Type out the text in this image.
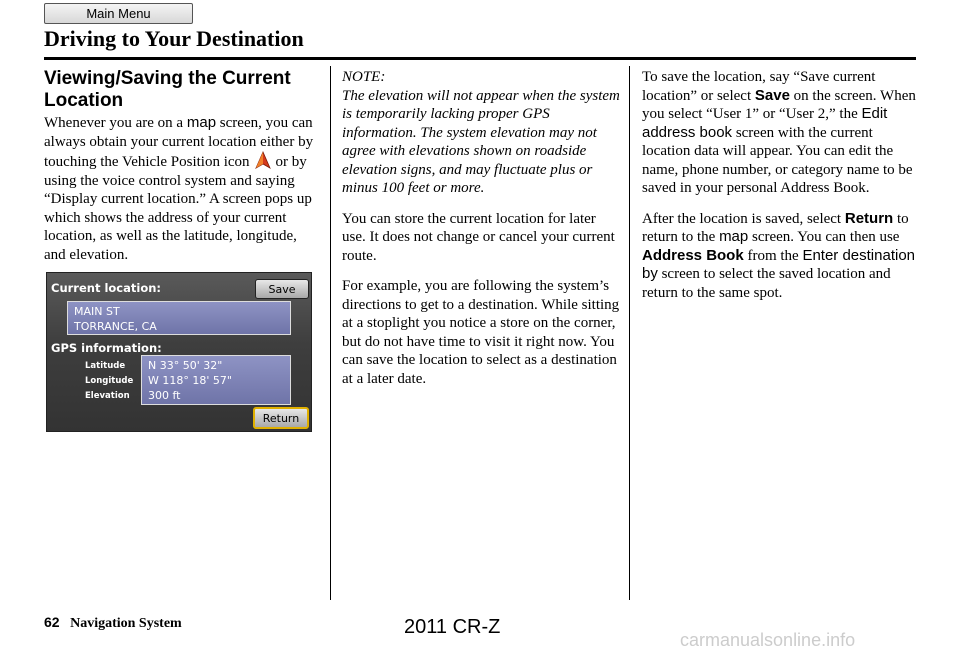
Main Menu
Driving to Your Destination
Viewing/Saving the Current Location
Whenever you are on a map screen, you can always obtain your current location either by touching the Vehicle Position icon or by using the voice control system and saying “Display current location.” A screen pops up which shows the address of your current location, as well as the latitude, longitude, and elevation.
Current location:	Save
MAIN ST
TORRANCE, CA
GPS information:
Latitude
Longitude
Elevation
N 33° 50' 32"
W 118° 18' 57"
300 ft
Return
NOTE:
The elevation will not appear when the system is temporarily lacking proper GPS information. The system elevation may not agree with elevations shown on roadside elevation signs, and may fluctuate plus or minus 100 feet or more.
You can store the current location for later use. It does not change or cancel your current route.
For example, you are following the system’s directions to get to a destination. While sitting at a stoplight you notice a store on the corner, but do not have time to visit it right now. You can save the location to select as a destination at a later date.
To save the location, say “Save current location” or select Save on the screen. When you select “User 1” or “User 2,” the Edit address book screen with the current location data will appear. You can edit the name, phone number, or category name to be saved in your personal Address Book.
After the location is saved, select Return to return to the map screen. You can then use Address Book from the Enter destination by screen to select the saved location and return to the same spot.
62 Navigation System	2011 CR-Z
carmanualsonline.info
